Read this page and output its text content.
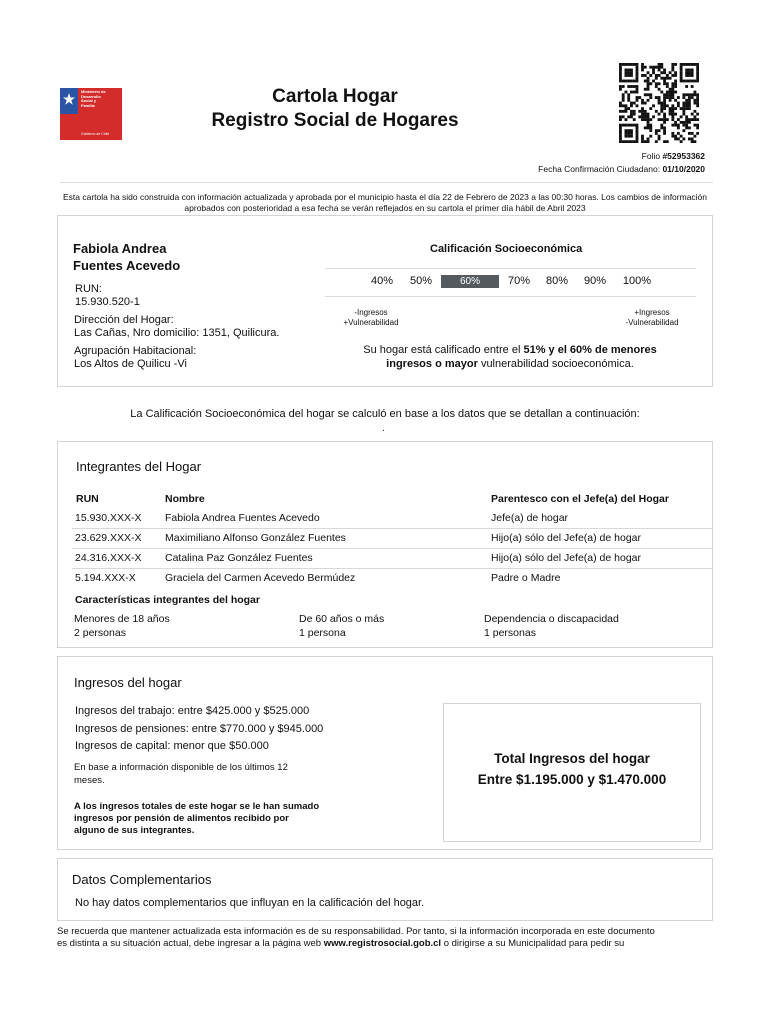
Ministerio de
Desarrollo
Social y
Familia
Gobierno de Chile
Cartola Hogar
Registro Social de Hogares
Folio #52953362
Fecha Confirmación Ciudadano: 01/10/2020
Esta cartola ha sido construida con información actualizada y aprobada por el municipio hasta el día 22 de Febrero de 2023 a las 00:30 horas. Los cambios de información aprobados con posterioridad a esa fecha se verán reflejados en su cartola el primer día hábil de Abril 2023
Fabiola Andrea
Fuentes Acevedo
RUN:
15.930.520-1
Dirección del Hogar:
Las Cañas, Nro domicilio: 1351, Quilicura.
Agrupación Habitacional:
Los Altos de Quilicu -Vi
Calificación Socioeconómica
40%	50%	60%	70%	80%	90%	100%
-Ingresos
+Vulnerabilidad
+Ingresos
-Vulnerabilidad
Su hogar está calificado entre el 51% y el 60% de menores
ingresos o mayor vulnerabilidad socioeconómica.
La Calificación Socioeconómica del hogar se calculó en base a los datos que se detallan a continuación:
.
Integrantes del Hogar
RUN	Nombre	Parentesco con el Jefe(a) del Hogar
15.930.XXX-X Fabiola Andrea Fuentes Acevedo	Jefe(a) de hogar
23.629.XXX-X Maximiliano Alfonso González Fuentes	Hijo(a) sólo del Jefe(a) de hogar
24.316.XXX-X Catalina Paz González Fuentes	Hijo(a) sólo del Jefe(a) de hogar
5.194.XXX-X	Graciela del Carmen Acevedo Bermúdez	Padre o Madre
Características integrantes del hogar
Menores de 18 años
2 personas
De 60 años o más
1 persona
Dependencia o discapacidad
1 personas
Ingresos del hogar
Ingresos del trabajo: entre $425.000 y $525.000
Ingresos de pensiones: entre $770.000 y $945.000
Ingresos de capital: menor que $50.000
En base a información disponible de los últimos 12
meses.
A los ingresos totales de este hogar se le han sumado
ingresos por pensión de alimentos recibido por
alguno de sus integrantes.
Total Ingresos del hogar
Entre $1.195.000 y $1.470.000
Datos Complementarios
No hay datos complementarios que influyan en la calificación del hogar.
Se recuerda que mantener actualizada esta información es de su responsabilidad. Por tanto, si la información incorporada en este documento
es distinta a su situación actual, debe ingresar a la página web www.registrosocial.gob.cl o dirigirse a su Municipalidad para pedir su
